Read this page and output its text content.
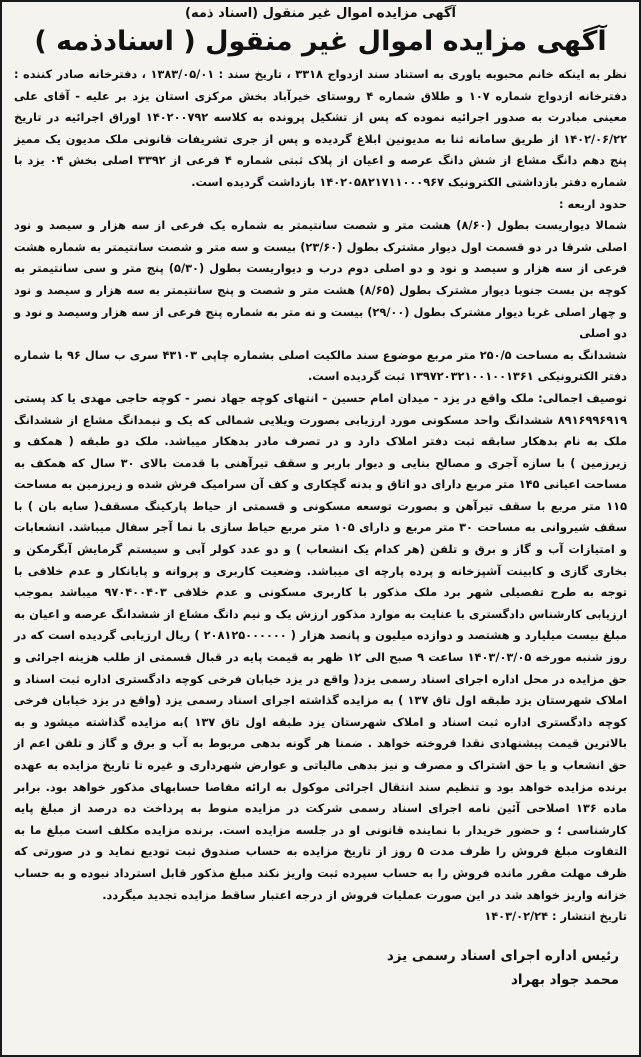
آگهی مزایده اموال غیر منقول (اسناد ذمه)
آگهی مزایده اموال غیر منقول ( اسنادذمه )

نظر به اینکه خانم محبوبه یاوری به استناد سند ازدواج ۳۳۱۸ ، تاریخ سند : ۱۳۸۳/۰۵/۰۱ ، دفترخانه صادر کننده : دفترخانه ازدواج شماره ۱۰۷ و طلاق شماره ۴ روستای خیرآباد بخش مرکزی استان یزد بر علیه - آقای علی معینی مبادرت به صدور اجرائیه نموده که پس از تشکیل پرونده به کلاسه ۱۴۰۲۰۰۷۹۲ اوراق اجرائیه در تاریخ ۱۴۰۲/۰۶/۲۲ از طریق سامانه ثنا به مدیونین ابلاغ گردیده و پس از جری تشریفات قانونی ملک مدیون یک ممیز پنج دهم دانگ مشاع از شش دانگ عرصه و اعیان از پلاک ثبتی شماره ۴ فرعی از ۳۳۹۲ اصلی بخش ۰۴ یزد با شماره دفتر بازداشتی الکترونیک ۱۴۰۲۰۵۸۲۱۷۱۱۰۰۰۹۶۷ بازداشت گردیده است.

حدود اربعه :

شمالا دیواریست بطول (۸/۶۰) هشت متر و شصت سانتیمتر به شماره یک فرعی از سه هزار و سیصد و نود اصلی شرقا در دو قسمت اول دیوار مشترک بطول (۲۳/۶۰) بیست و سه متر و شصت سانتیمتر به شماره هشت فرعی از سه هزار و سیصد و نود و دو اصلی دوم درب و دیواریست بطول (۵/۳۰) پنج متر و سی سانتیمتر به کوچه بن بست جنوبا دیوار مشترک بطول (۸/۶۵) هشت متر و شصت و پنج سانتیمتر به سه هزار و سیصد و نود و چهار اصلی غربا دیوار مشترک بطول (۲۹/۰۰) بیست و نه متر به شماره پنج فرعی از سه هزار وسیصد و نود و دو اصلی

ششدانگ به مساحت ۲۵۰/۵ متر مربع موضوع سند مالکیت اصلی بشماره چاپی ۴۳۱۰۳ سری ب سال ۹۶ با شماره دفتر الکترونیکی ۱۳۹۷۲۰۳۲۱۰۰۱۰۰۱۳۶۱ ثبت گردیده است.

توصیف اجمالی: ملک واقع در یزد - میدان امام حسین - انتهای کوچه جهاد نصر - کوچه حاجی مهدی یا کد پستی ۸۹۱۶۹۹۶۹۱۹ ششدانگ واحد مسکونی مورد ارزیابی بصورت ویلایی شمالی که یک و نیمدانگ مشاع از ششدانگ ملک به نام بدهکار سابقه ثبت دفتر املاک دارد و در تصرف مادر بدهکار میباشد. ملک دو طبقه ( همکف و زیرزمین ) با سازه آجری و مصالح بنایی و دیوار باربر و سقف تیرآهنی با قدمت بالای ۳۰ سال که همکف به مساحت اعیانی ۱۴۵ متر مربع دارای دو اتاق و بدنه گچکاری و کف آن سرامیک فرش شده و زیرزمین به مساحت ۱۱۵ متر مربع با سقف تیرآهن و بصورت توسعه مسکونی و قسمتی از حیاط پارکینگ مسقف( سایه بان ) با سقف شیروانی به مساحت ۳۰ متر مربع و دارای ۱۰۵ متر مربع حیاط سازی با نما آجر سفال میباشد. انشعابات و امتیازات آب و گاز و برق و تلفن (هر کدام یک انشعاب ) و دو عدد کولر آبی و سیستم گرمایش آبگرمکن و بخاری گازی و کابینت آشپزخانه و پرده پارچه ای میباشد. وضعیت کاربری و پروانه و پایانکار و عدم خلافی با توجه به طرح تفصیلی شهر برد ملک مذکور با کاربری مسکونی و عدم خلافی ۹۷۰۴۰۰۴۰۳ میباشد بموجب ارزیابی کارشناس دادگستری با عنایت به موارد مذکور ارزش یک و نیم دانگ مشاع از ششدانگ عرصه و اعیان به مبلغ بیست میلیارد و هشتصد و دوازده میلیون و پانصد هزار ( ۲۰۸۱۲۵۰۰۰۰۰۰ ) ریال ارزیابی گردیده است که در روز شنبه مورخه ۱۴۰۳/۰۳/۰۵ ساعت ۹ صبح الی ۱۲ ظهر به قیمت پایه در قبال قسمتی از طلب هزینه اجرائی و حق مزایده در محل اداره اجرای اسناد رسمی یزد( واقع در یزد خیابان فرخی کوچه دادگستری اداره ثبت اسناد و املاک شهرستان یزد طبقه اول تاق ۱۳۷ ) به مزایده گذاشته اجرای اسناد رسمی یزد (واقع در یزد خیابان فرخی کوچه دادگستری اداره ثبت اسناد و املاک شهرستان یزد طبقه اول تاق ۱۳۷ )به مزایده گذاشته میشود و به بالاترین قیمت پیشنهادی نقدا فروخته خواهد . ضمنا هر گونه بدهی مربوط به آب و برق و گاز و تلفن اعم از حق انشعاب و یا حق اشتراک و مصرف و نیز بدهی مالیاتی و عوارض شهرداری و غیره تا تاریخ مزایده به عهده برنده مزایده خواهد بود و تنظیم سند انتقال اجرائی موکول به ارائه مفاصا حسابهای مذکور خواهد بود. برابر ماده ۱۳۶ اصلاحی آئین نامه اجرای اسناد رسمی شرکت در مزایده منوط به پرداخت ده درصد از مبلغ پایه کارشناسی ؛ و حضور خریدار با نماینده قانونی او در جلسه مزایده است. برنده مزایده مکلف است مبلغ ما به التفاوت مبلغ فروش را ظرف مدت ۵ روز از تاریخ مزایده به حساب صندوق ثبت تودیع نماید و در صورتی که ظرف مهلت مقرر مانده فروش را به حساب سپرده ثبت واریز نکند مبلغ مذکور قابل استرداد نبوده و به حساب خزانه واریز خواهد شد در این صورت عملیات فروش از درجه اعتبار ساقط مزایده تجدید میگردد.

تاریخ انتشار : ۱۴۰۳/۰۲/۲۴

رئیس اداره اجرای اسناد رسمی یزد
محمد جواد بهراد
